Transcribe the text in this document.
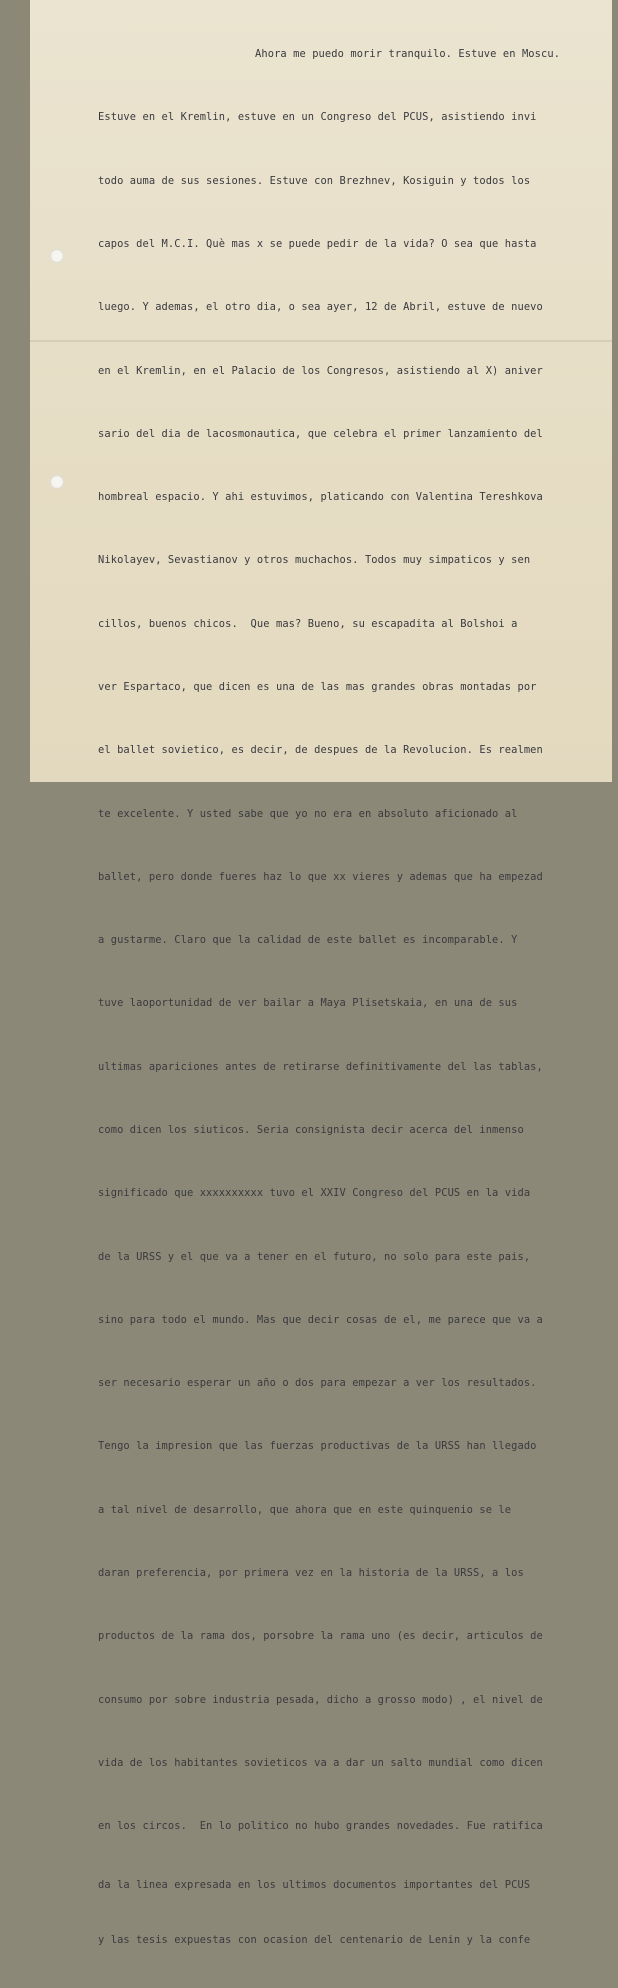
Ahora me puedo morir tranquilo. Estuve en Moscu.

Estuve en el Kremlin, estuve en un Congreso del PCUS, asistiendo invi

todo auma de sus sesiones. Estuve con Brezhnev, Kosiguin y todos los

capos del M.C.I. Què mas x se puede pedir de la vida? O sea que hasta

luego. Y ademas, el otro dia, o sea ayer, 12 de Abril, estuve de nuevo

en el Kremlin, en el Palacio de los Congresos, asistiendo al X) aniver

sario del dia de lacosmonautica, que celebra el primer lanzamiento del

hombreal espacio. Y ahi estuvimos, platicando con Valentina Tereshkova

Nikolayev, Sevastianov y otros muchachos. Todos muy simpaticos y sen

cillos, buenos chicos.  Que mas? Bueno, su escapadita al Bolshoi a

ver Espartaco, que dicen es una de las mas grandes obras montadas por

el ballet sovietico, es decir, de despues de la Revolucion. Es realmen

te excelente. Y usted sabe que yo no era en absoluto aficionado al

ballet, pero donde fueres haz lo que xx vieres y ademas que ha empezad

a gustarme. Claro que la calidad de este ballet es incomparable. Y

tuve laoportunidad de ver bailar a Maya Plisetskaia, en una de sus

ultimas apariciones antes de retirarse definitivamente del las tablas,

como dicen los siuticos. Seria consignista decir acerca del inmenso

significado que xxxxxxxxxx tuvo el XXIV Congreso del PCUS en la vida

de la URSS y el que va a tener en el futuro, no solo para este pais,

sino para todo el mundo. Mas que decir cosas de el, me parece que va a

ser necesario esperar un año o dos para empezar a ver los resultados.

Tengo la impresion que las fuerzas productivas de la URSS han llegado

a tal nivel de desarrollo, que ahora que en este quinquenio se le

daran preferencia, por primera vez en la historia de la URSS, a los

productos de la rama dos, porsobre la rama uno (es decir, articulos de

consumo por sobre industria pesada, dicho a grosso modo) , el nivel de

vida de los habitantes sovieticos va a dar un salto mundial como dicen

en los circos.  En lo politico no hubo grandes novedades. Fue ratifica

da la linea expresada en los ultimos documentos importantes del PCUS

y las tesis expuestas con ocasion del centenario de Lenin y la confe
